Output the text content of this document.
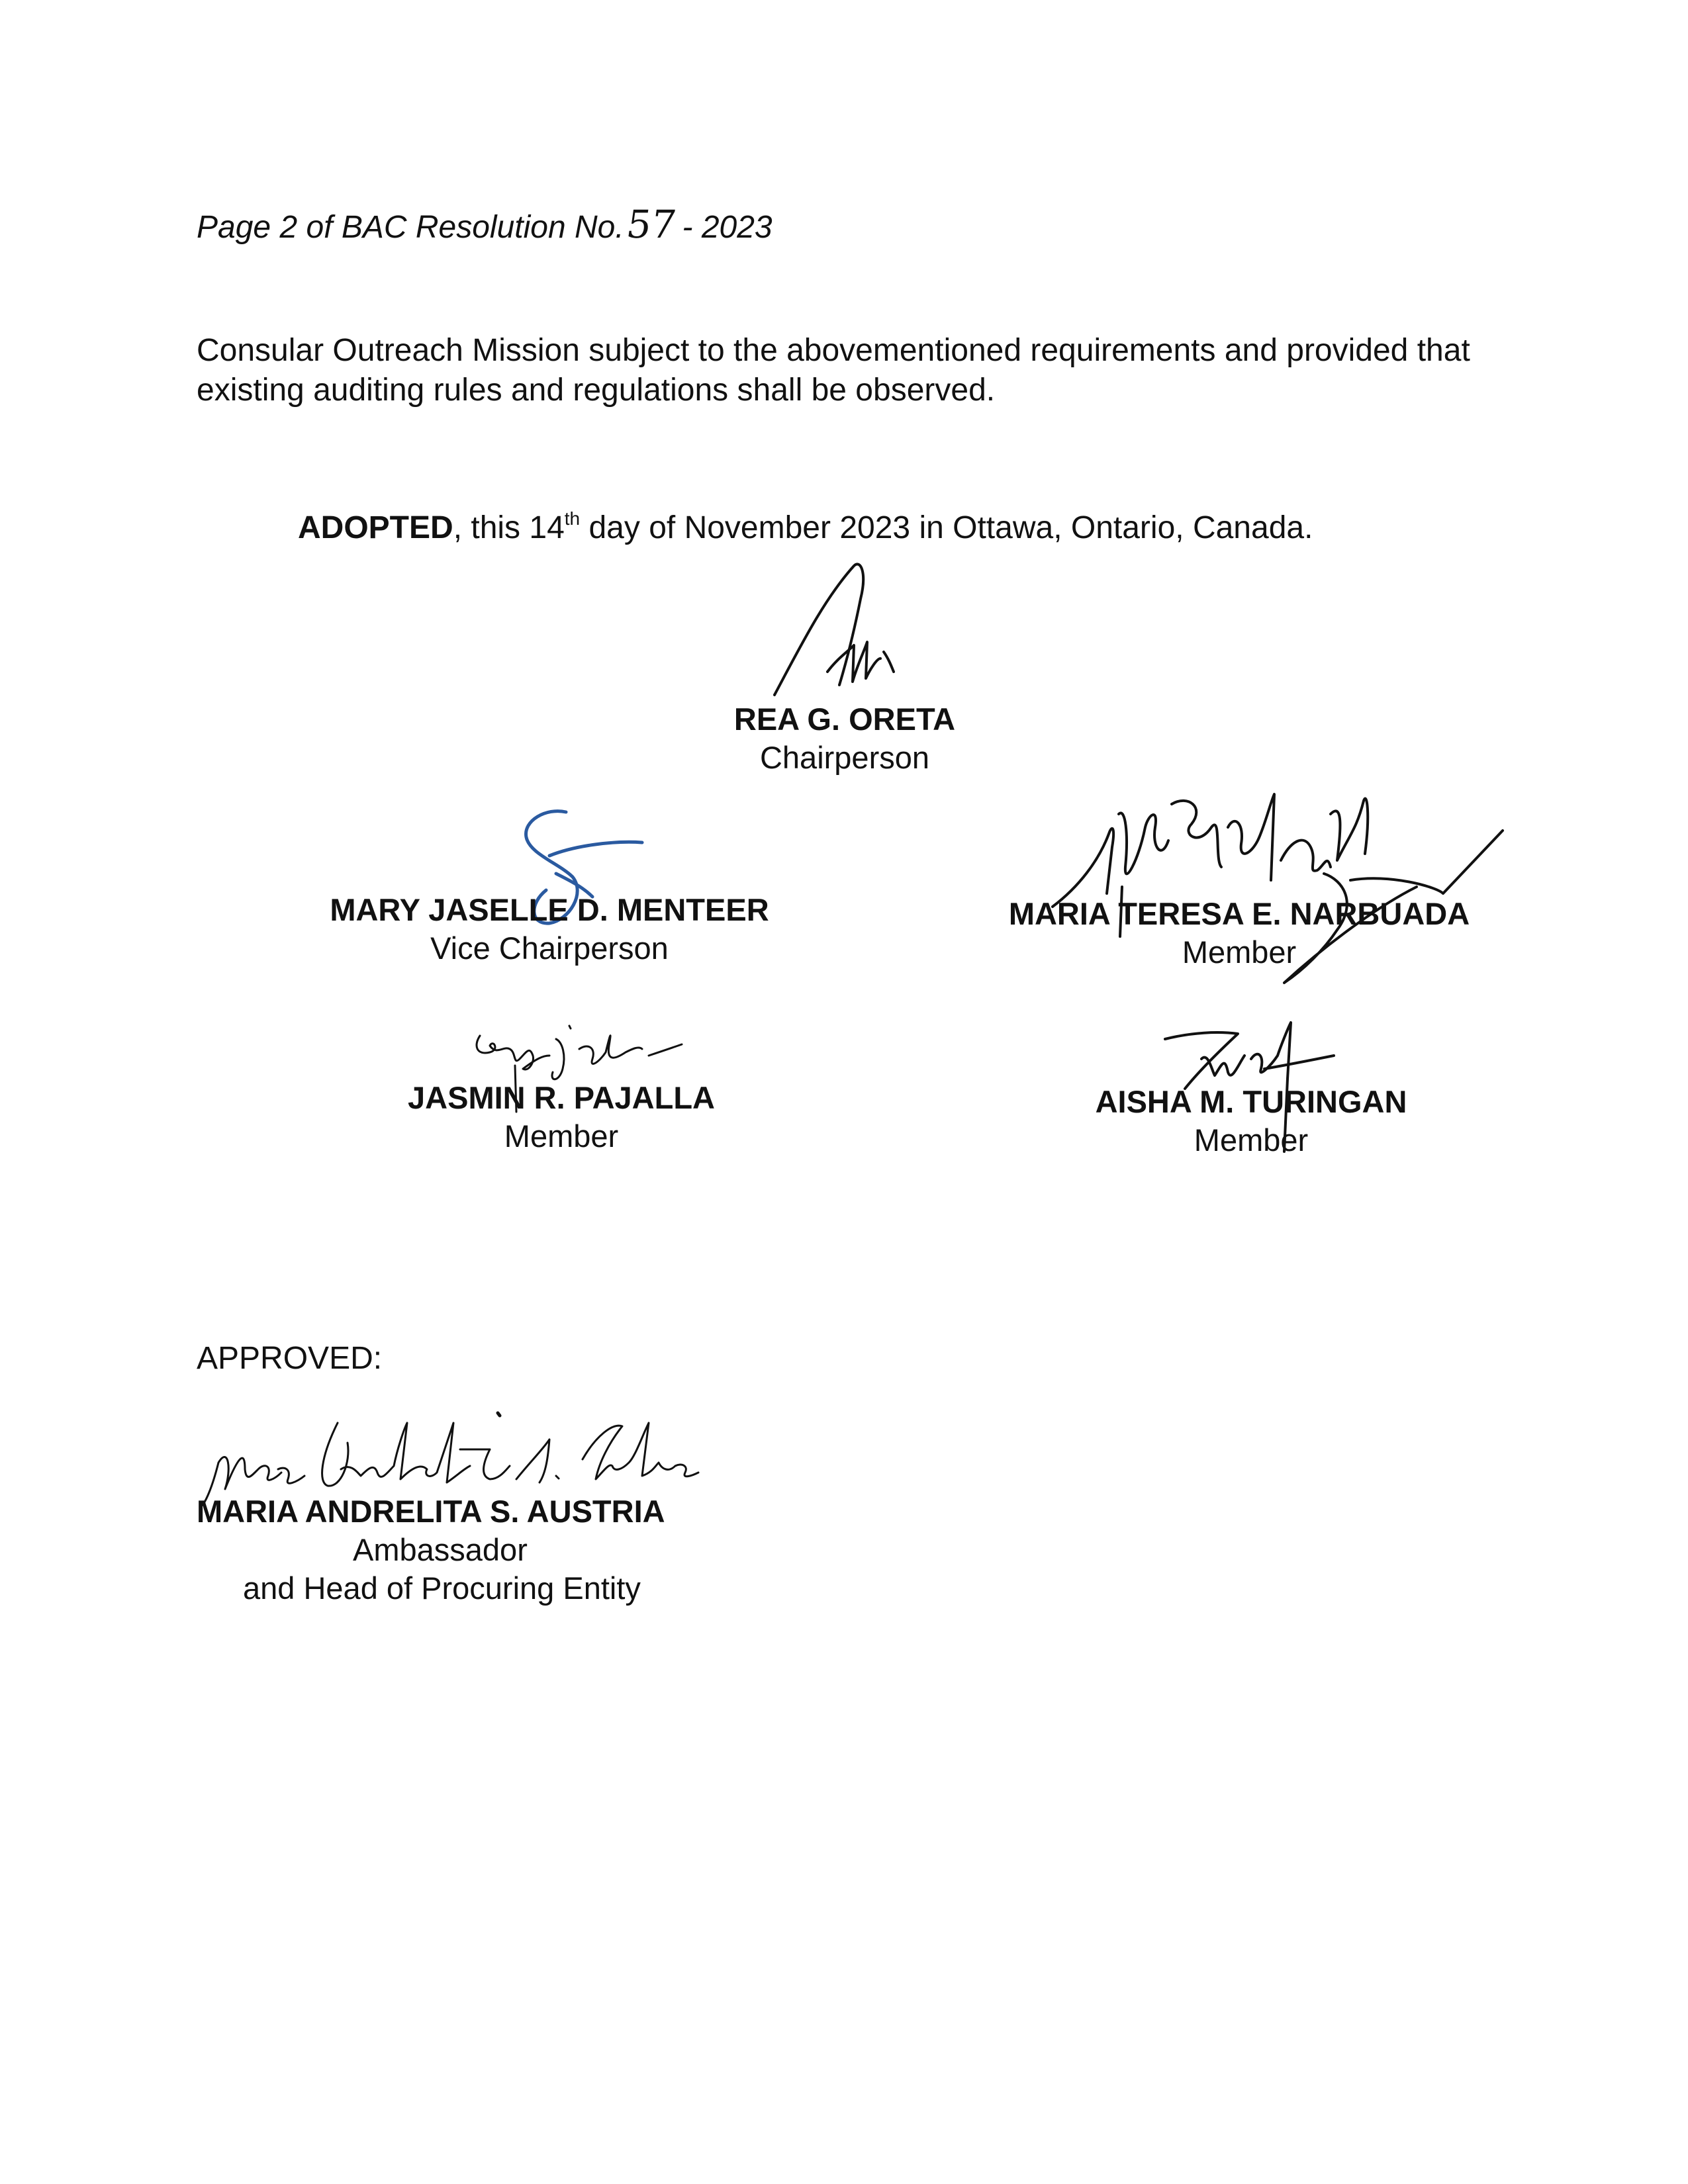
Page 2 of BAC Resolution No.57 - 2023
Consular Outreach Mission subject to the abovementioned requirements and provided that existing auditing rules and regulations shall be observed.
ADOPTED, this 14th day of November 2023 in Ottawa, Ontario, Canada.
REA G. ORETA
Chairperson
MARY JASELLE D. MENTEER
Vice Chairperson
MARIA TERESA E. NARBUADA
Member
JASMIN R. PAJALLA
Member
AISHA M. TURINGAN
Member
APPROVED:
MARIA ANDRELITA S. AUSTRIA
Ambassador
and Head of Procuring Entity
